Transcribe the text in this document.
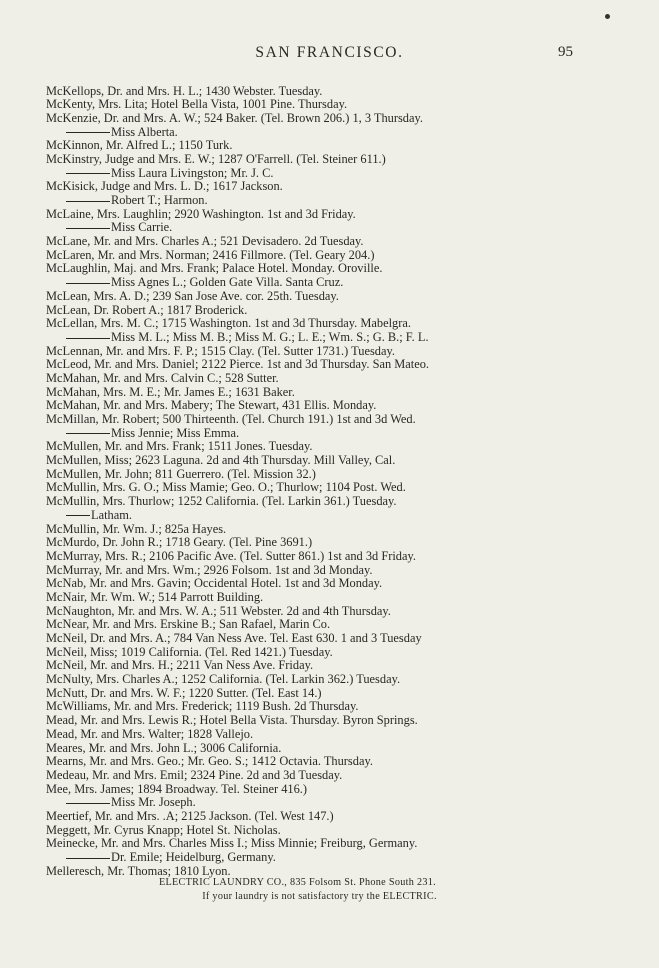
SAN FRANCISCO.	95
McKellops, Dr. and Mrs. H. L.; 1430 Webster. Tuesday.
McKenty, Mrs. Lita; Hotel Bella Vista, 1001 Pine. Thursday.
McKenzie, Dr. and Mrs. A. W.; 524 Baker. (Tel. Brown 206.) 1, 3 Thursday.
Miss Alberta.
McKinnon, Mr. Alfred L.; 1150 Turk.
McKinstry, Judge and Mrs. E. W.; 1287 O'Farrell. (Tel. Steiner 611.)
Miss Laura Livingston; Mr. J. C.
McKisick, Judge and Mrs. L. D.; 1617 Jackson.
Robert T.; Harmon.
McLaine, Mrs. Laughlin; 2920 Washington. 1st and 3d Friday.
Miss Carrie.
McLane, Mr. and Mrs. Charles A.; 521 Devisadero. 2d Tuesday.
McLaren, Mr. and Mrs. Norman; 2416 Fillmore. (Tel. Geary 204.)
McLaughlin, Maj. and Mrs. Frank; Palace Hotel. Monday. Oroville.
Miss Agnes L.; Golden Gate Villa. Santa Cruz.
McLean, Mrs. A. D.; 239 San Jose Ave. cor. 25th. Tuesday.
McLean, Dr. Robert A.; 1817 Broderick.
McLellan, Mrs. M. C.; 1715 Washington. 1st and 3d Thursday. Mabelgra.
Miss M. L.; Miss M. B.; Miss M. G.; L. E.; Wm. S.; G. B.; F. L.
McLennan, Mr. and Mrs. F. P.; 1515 Clay. (Tel. Sutter 1731.) Tuesday.
McLeod, Mr. and Mrs. Daniel; 2122 Pierce. 1st and 3d Thursday. San Mateo.
McMahan, Mr. and Mrs. Calvin C.; 528 Sutter.
McMahan, Mrs. M. E.; Mr. James E.; 1631 Baker.
McMahan, Mr. and Mrs. Mabery; The Stewart, 431 Ellis. Monday.
McMillan, Mr. Robert; 500 Thirteenth. (Tel. Church 191.) 1st and 3d Wed.
Miss Jennie; Miss Emma.
McMullen, Mr. and Mrs. Frank; 1511 Jones. Tuesday.
McMullen, Miss; 2623 Laguna. 2d and 4th Thursday. Mill Valley, Cal.
McMullen, Mr. John; 811 Guerrero. (Tel. Mission 32.)
McMullin, Mrs. G. O.; Miss Mamie; Geo. O.; Thurlow; 1104 Post. Wed.
McMullin, Mrs. Thurlow; 1252 California. (Tel. Larkin 361.) Tuesday.
Latham.
McMullin, Mr. Wm. J.; 825a Hayes.
McMurdo, Dr. John R.; 1718 Geary. (Tel. Pine 3691.)
McMurray, Mrs. R.; 2106 Pacific Ave. (Tel. Sutter 861.) 1st and 3d Friday.
McMurray, Mr. and Mrs. Wm.; 2926 Folsom. 1st and 3d Monday.
McNab, Mr. and Mrs. Gavin; Occidental Hotel. 1st and 3d Monday.
McNair, Mr. Wm. W.; 514 Parrott Building.
McNaughton, Mr. and Mrs. W. A.; 511 Webster. 2d and 4th Thursday.
McNear, Mr. and Mrs. Erskine B.; San Rafael, Marin Co.
McNeil, Dr. and Mrs. A.; 784 Van Ness Ave. Tel. East 630. 1 and 3 Tuesday
McNeil, Miss; 1019 California. (Tel. Red 1421.) Tuesday.
McNeil, Mr. and Mrs. H.; 2211 Van Ness Ave. Friday.
McNulty, Mrs. Charles A.; 1252 California. (Tel. Larkin 362.) Tuesday.
McNutt, Dr. and Mrs. W. F.; 1220 Sutter. (Tel. East 14.)
McWilliams, Mr. and Mrs. Frederick; 1119 Bush. 2d Thursday.
Mead, Mr. and Mrs. Lewis R.; Hotel Bella Vista. Thursday. Byron Springs.
Mead, Mr. and Mrs. Walter; 1828 Vallejo.
Meares, Mr. and Mrs. John L.; 3006 California.
Mearns, Mr. and Mrs. Geo.; Mr. Geo. S.; 1412 Octavia. Thursday.
Medeau, Mr. and Mrs. Emil; 2324 Pine. 2d and 3d Tuesday.
Mee, Mrs. James; 1894 Broadway. Tel. Steiner 416.)
Miss Mr. Joseph.
Meertief, Mr. and Mrs. .A; 2125 Jackson. (Tel. West 147.)
Meggett, Mr. Cyrus Knapp; Hotel St. Nicholas.
Meinecke, Mr. and Mrs. Charles Miss I.; Miss Minnie; Freiburg, Germany.
Dr. Emile; Heidelburg, Germany.
Melleresch, Mr. Thomas; 1810 Lyon.
ELECTRIC LAUNDRY CO., 835 Folsom St. Phone South 231.
If your laundry is not satisfactory try the ELECTRIC.
